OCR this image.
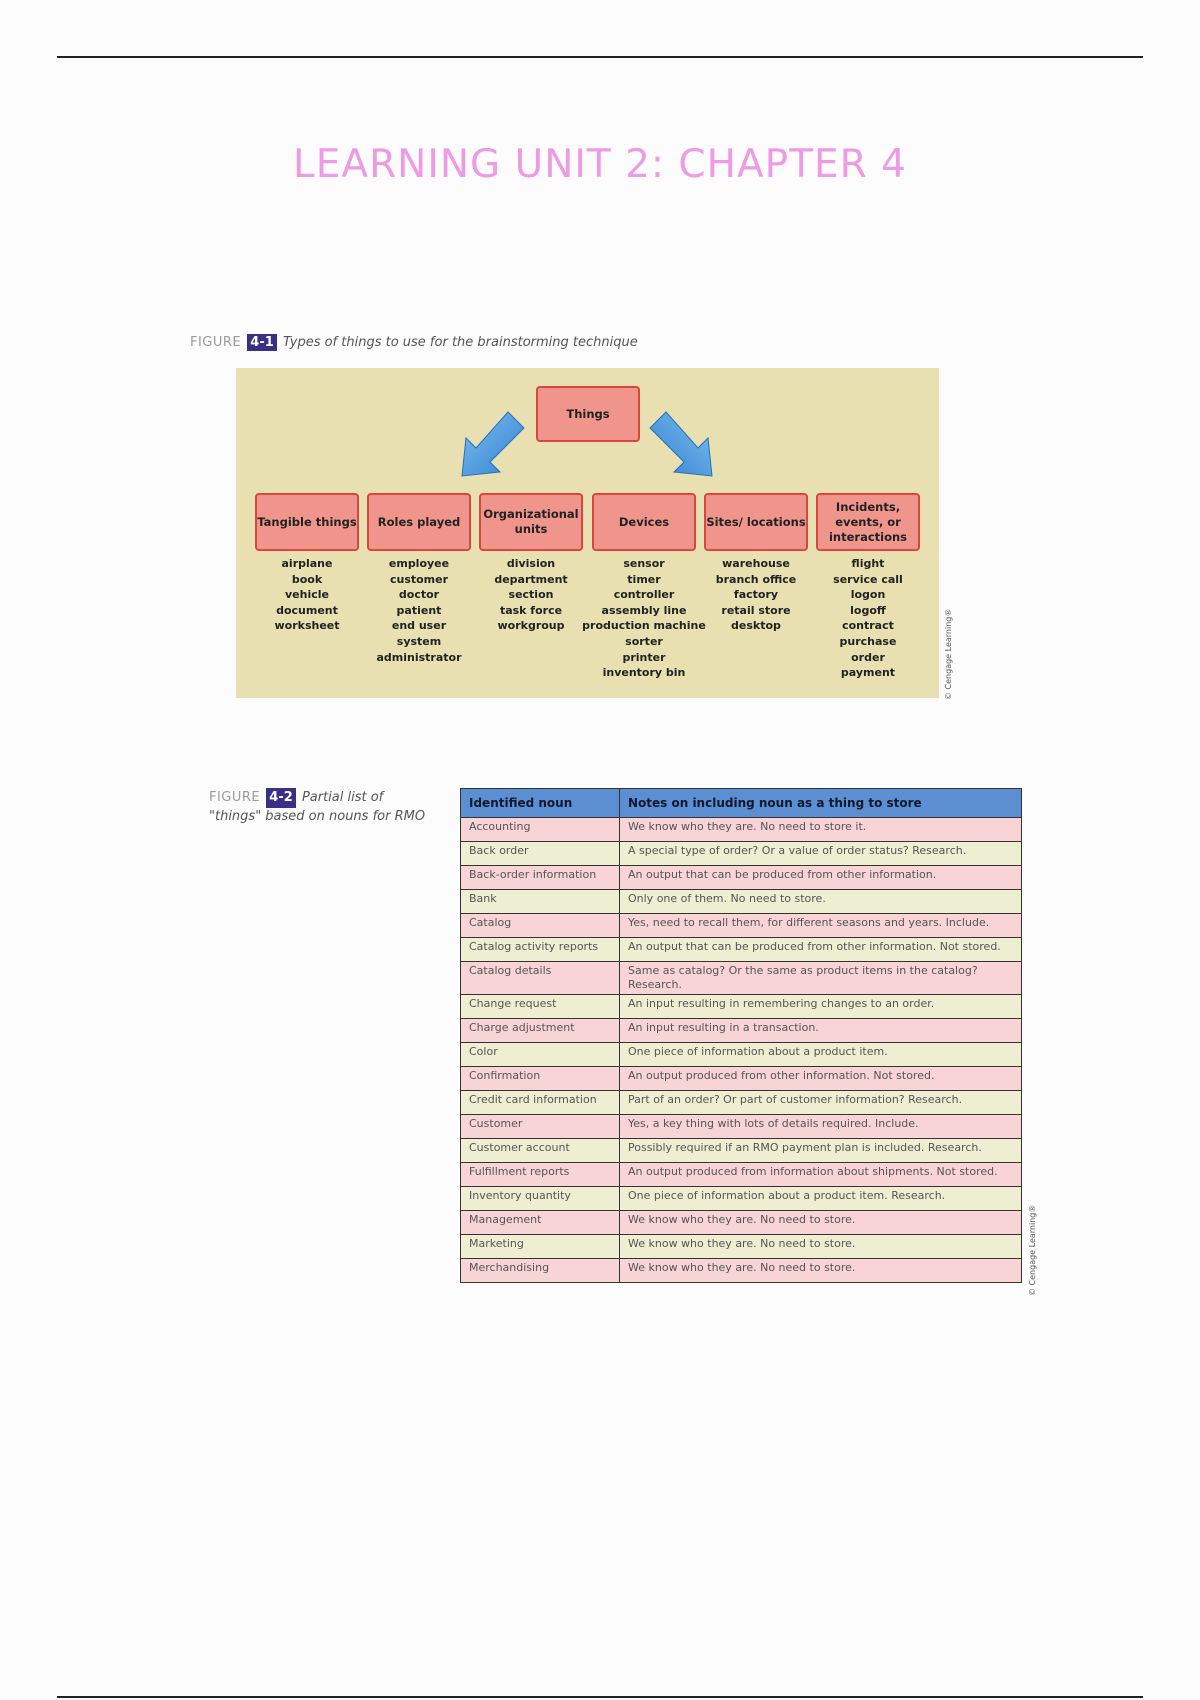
LEARNING UNIT 2: CHAPTER 4
FIGURE 4-1 Types of things to use for the brainstorming technique
Things
Tangible things	Roles played
Organizational units
Devices	Sites/ locations
Incidents, events, or interactions
airplane
book
vehicle
document
worksheet
employee
customer
doctor
patient
end user
system
administrator
division
department
section
task force
workgroup
sensor
timer
controller
assembly line
production machine
sorter
printer
inventory bin
warehouse
branch office
factory
retail store
desktop
flight
service call
logon
logoff
contract
purchase
order
payment	© Cengage Learning®
FIGURE 4-2 Partial list of "things" based on nouns for RMO
Identified noun	Notes on including noun as a thing to store
Accounting	We know who they are. No need to store it.
Back order	A special type of order? Or a value of order status? Research.
Back-order information	An output that can be produced from other information.
Bank	Only one of them. No need to store.
Catalog	Yes, need to recall them, for different seasons and years. Include.
Catalog activity reports	An output that can be produced from other information. Not stored.
Catalog details	Same as catalog? Or the same as product items in the catalog? Research.
Change request	An input resulting in remembering changes to an order.
Charge adjustment	An input resulting in a transaction.
Color	One piece of information about a product item.
Confirmation	An output produced from other information. Not stored.
Credit card information	Part of an order? Or part of customer information? Research.
Customer	Yes, a key thing with lots of details required. Include.
Customer account	Possibly required if an RMO payment plan is included. Research.
Fulfillment reports	An output produced from information about shipments. Not stored.
Inventory quantity	One piece of information about a product item. Research.
Management	We know who they are. No need to store.
Marketing	We know who they are. No need to store.
Merchandising	We know who they are. No need to store.	© Cengage Learning®
